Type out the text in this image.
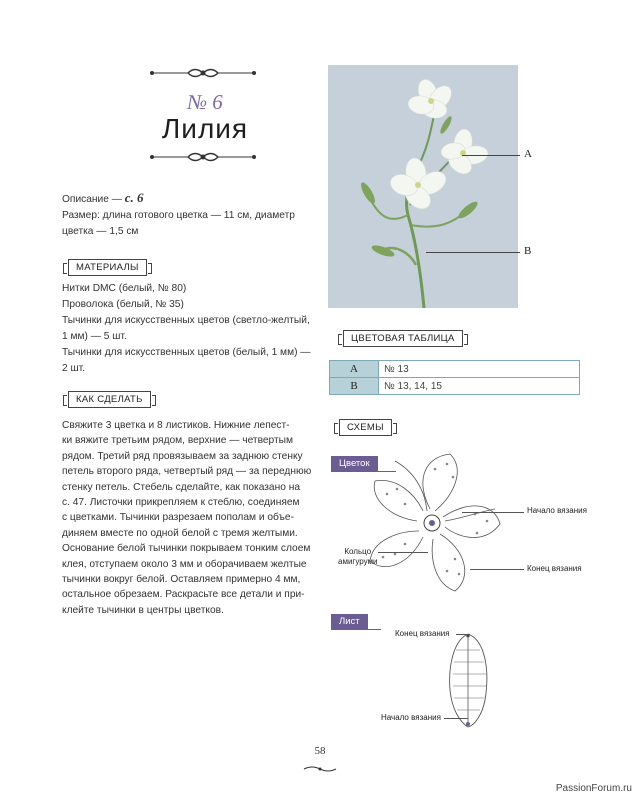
№ 6
Лилия
Описание — с. 6
Размер: длина готового цветка — 11 см, диаметр
цветка — 1,5 см
МАТЕРИАЛЫ
Нитки DMC (белый, № 80)
Проволока (белый, № 35)
Тычинки для искусственных цветов (светло-желтый,
1 мм) — 5 шт.
Тычинки для искусственных цветов (белый, 1 мм) —
2 шт.
КАК СДЕЛАТЬ
Свяжите 3 цветка и 8 листиков. Нижние лепест-
ки вяжите третьим рядом, верхние — четвертым
рядом. Третий ряд провязываем за заднюю стенку
петель второго ряда, четвертый ряд — за переднюю
стенку петель. Стебель сделайте, как показано на
с. 47. Листочки прикрепляем к стеблю, соединяем
с цветками. Тычинки разрезаем пополам и объе-
диняем вместе по одной белой с тремя желтыми.
Основание белой тычинки покрываем тонким слоем
клея, отступаем около 3 мм и оборачиваем желтые
тычинки вокруг белой. Оставляем примерно 4 мм,
остальное обрезаем. Раскрасьте все детали и при-
клейте тычинки в центры цветков.
A
B
ЦВЕТОВАЯ ТАБЛИЦА
A	№ 13
B	№ 13, 14, 15
СХЕМЫ
Цветок
Начало вязания
Конец вязания
Кольцо
амигуруми
Лист
Конец вязания
Начало вязания
58
PassionForum.ru
